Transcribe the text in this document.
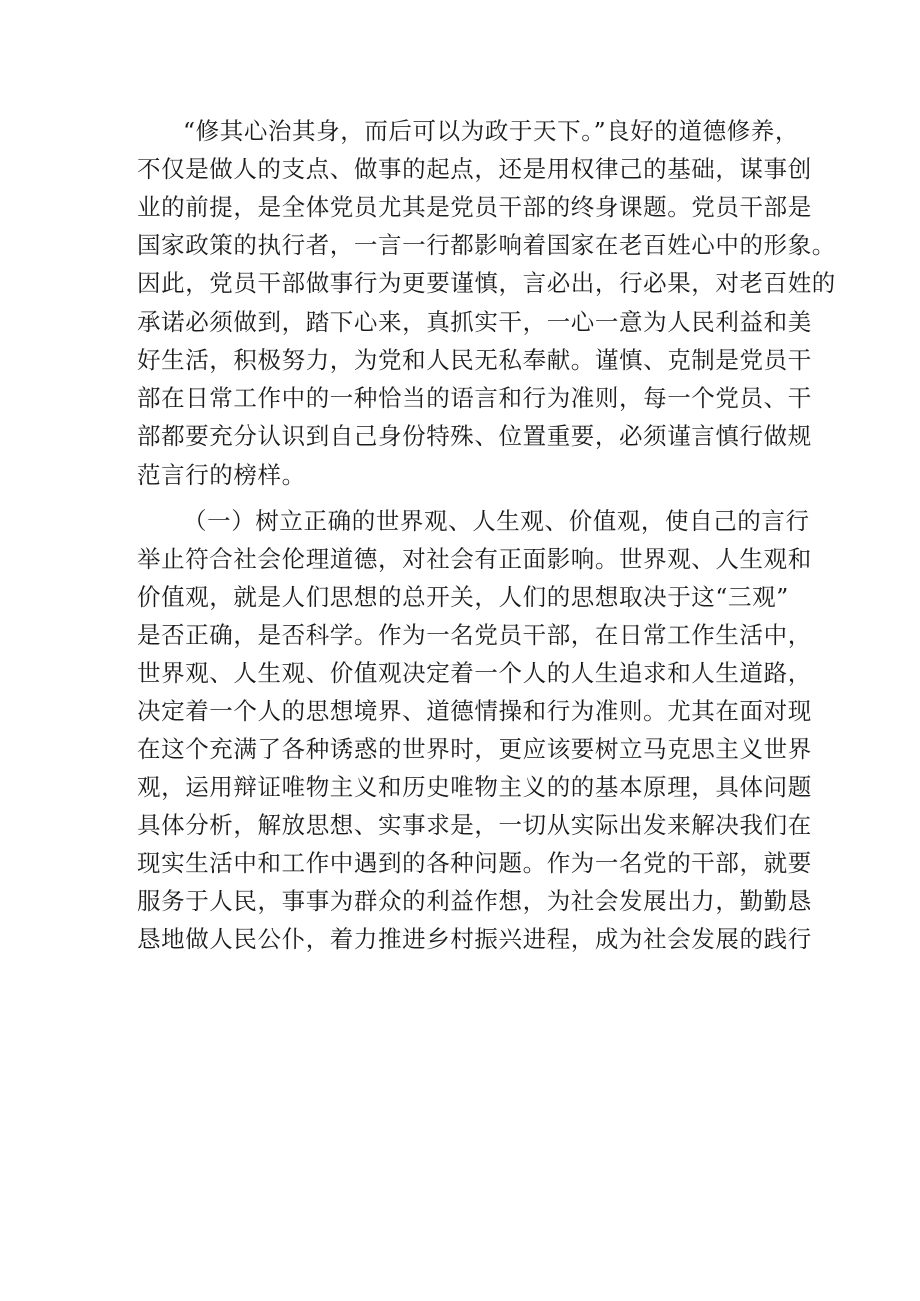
“修其心治其身，而后可以为政于天下。”良好的道德修养，
不仅是做人的支点、做事的起点，还是用权律己的基础，谋事创
业的前提，是全体党员尤其是党员干部的终身课题。党员干部是
国家政策的执行者，一言一行都影响着国家在老百姓心中的形象。
因此，党员干部做事行为更要谨慎，言必出，行必果，对老百姓的
承诺必须做到，踏下心来，真抓实干，一心一意为人民利益和美
好生活，积极努力，为党和人民无私奉献。谨慎、克制是党员干
部在日常工作中的一种恰当的语言和行为准则，每一个党员、干
部都要充分认识到自己身份特殊、位置重要，必须谨言慎行做规
范言行的榜样。
（一）树立正确的世界观、人生观、价值观，使自己的言行
举止符合社会伦理道德，对社会有正面影响。世界观、人生观和
价值观，就是人们思想的总开关，人们的思想取决于这“三观”
是否正确，是否科学。作为一名党员干部，在日常工作生活中，
世界观、人生观、价值观决定着一个人的人生追求和人生道路，
决定着一个人的思想境界、道德情操和行为准则。尤其在面对现
在这个充满了各种诱惑的世界时，更应该要树立马克思主义世界
观，运用辩证唯物主义和历史唯物主义的的基本原理，具体问题
具体分析，解放思想、实事求是，一切从实际出发来解决我们在
现实生活中和工作中遇到的各种问题。作为一名党的干部，就要
服务于人民，事事为群众的利益作想，为社会发展出力，勤勤恳
恳地做人民公仆，着力推进乡村振兴进程，成为社会发展的践行
